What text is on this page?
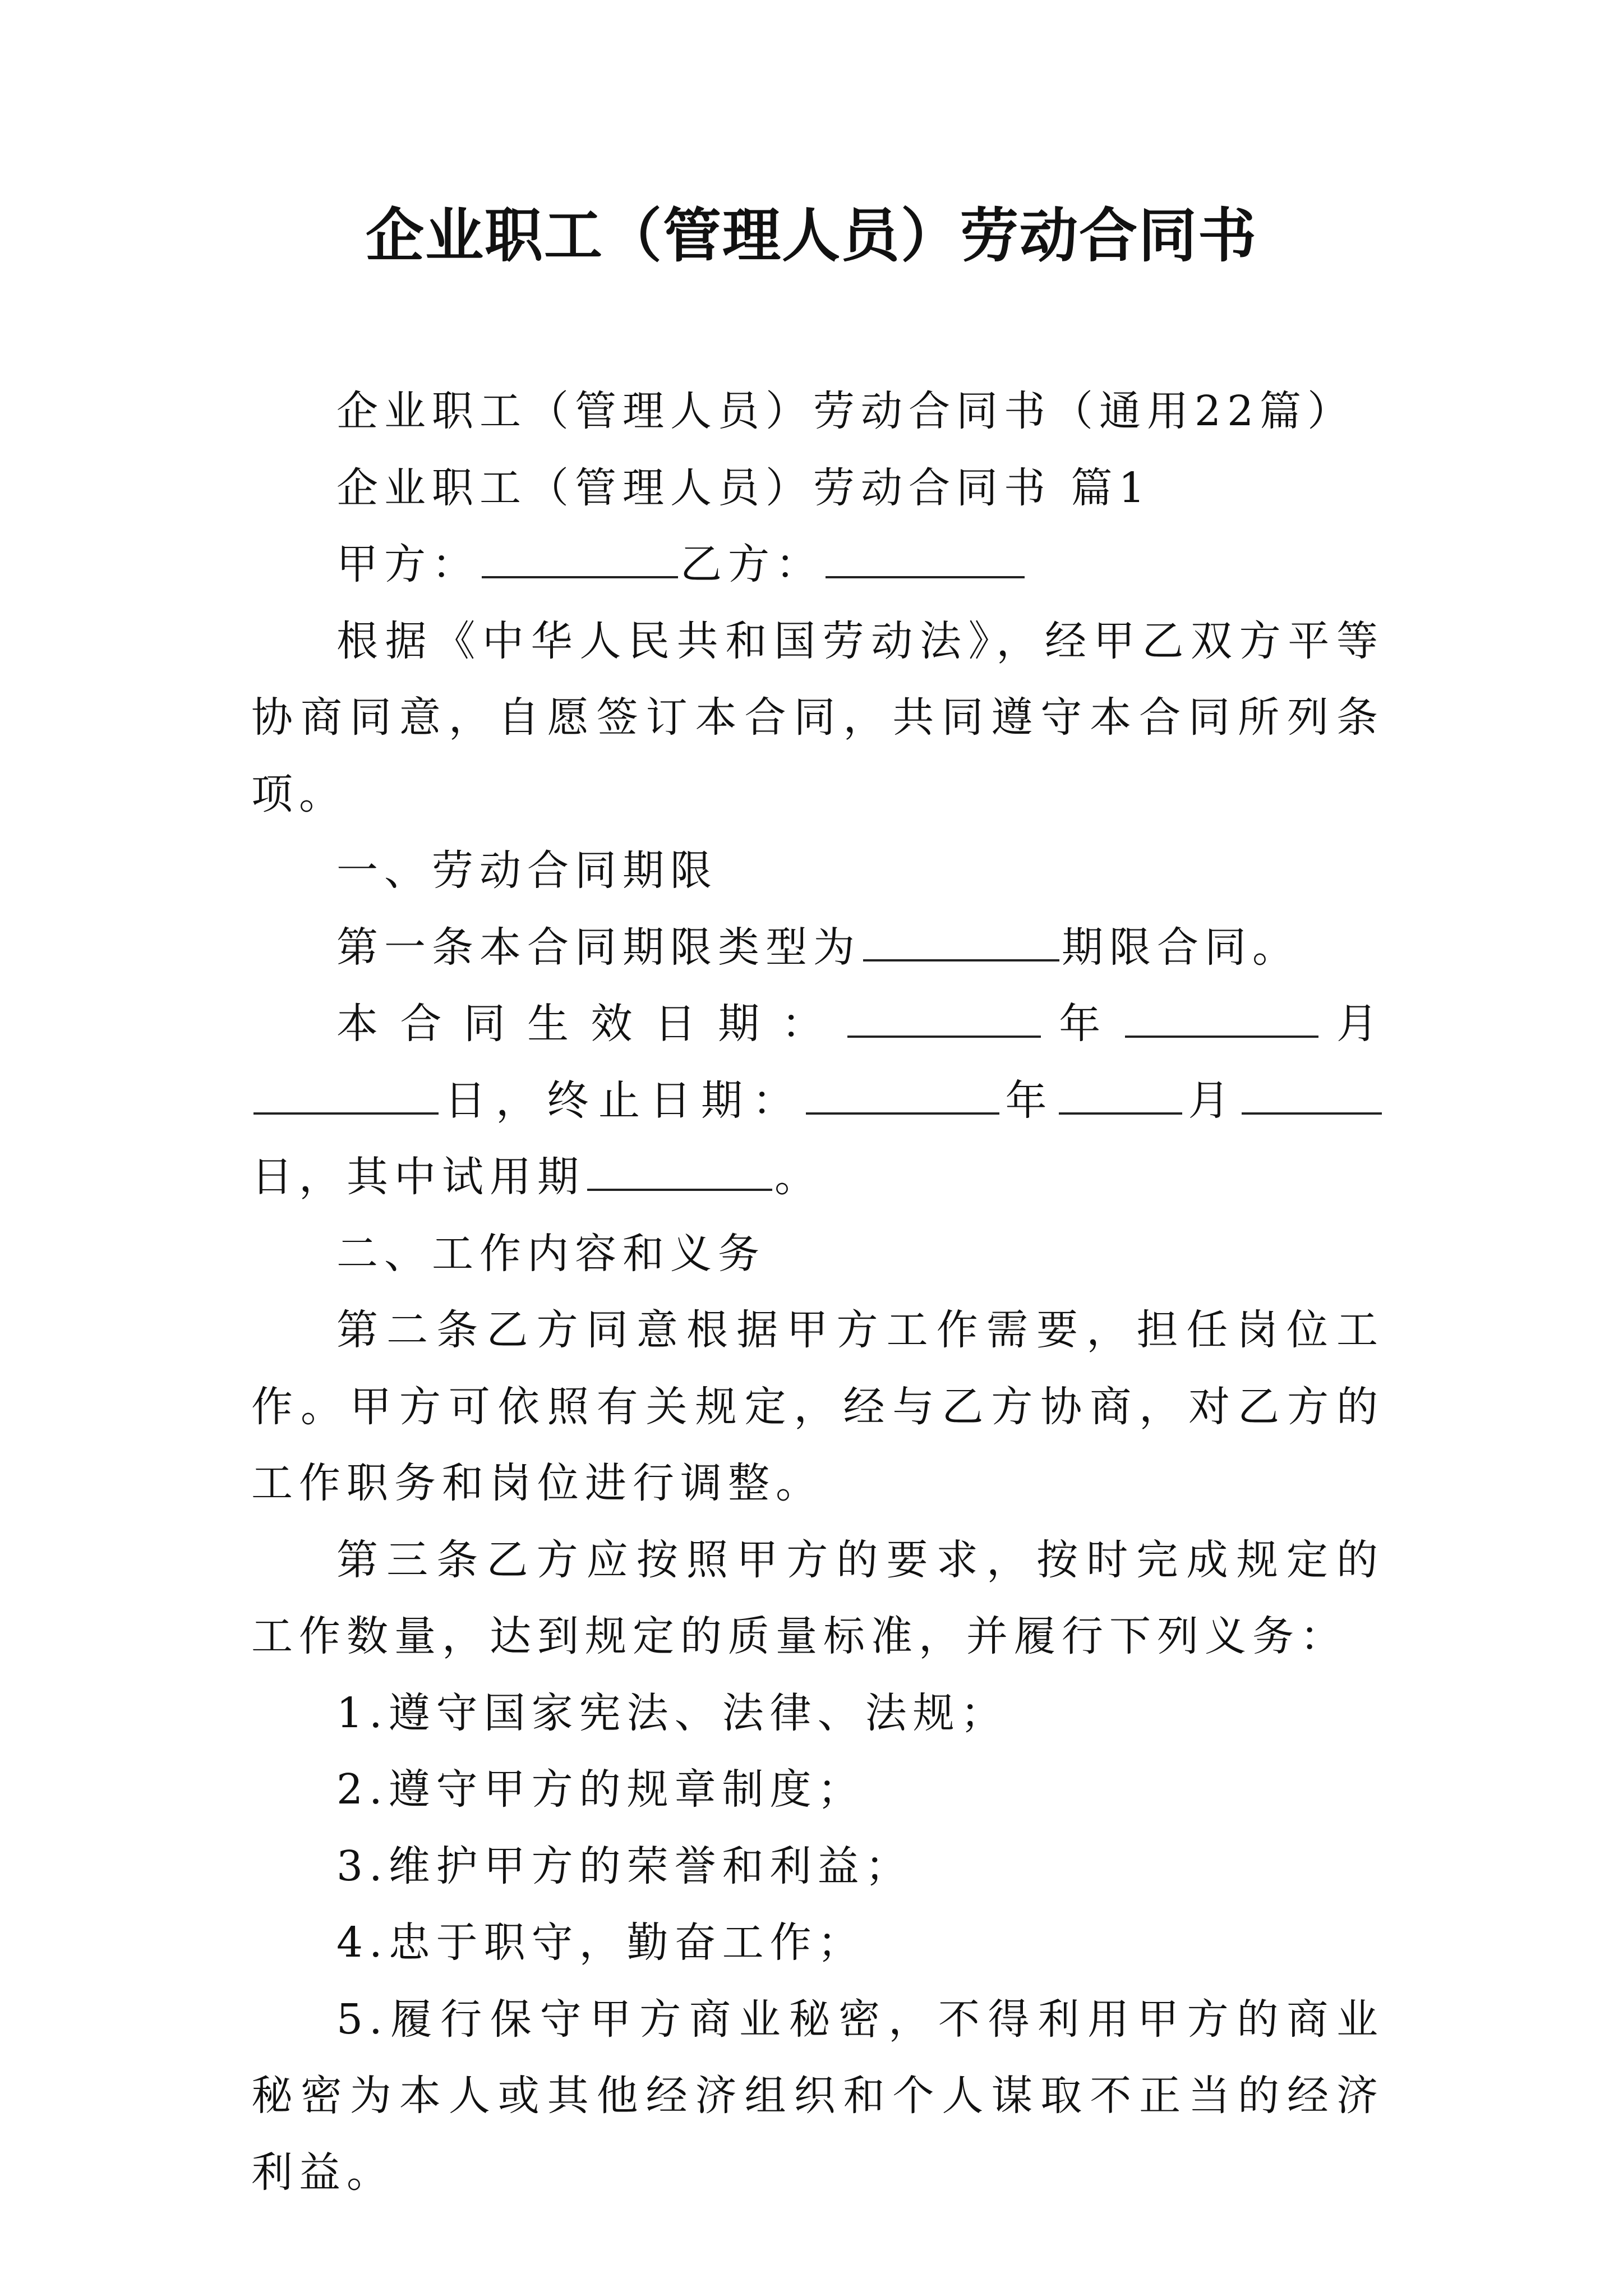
企业职工（管理人员）劳动合同书

企业职工（管理人员）劳动合同书（通用22篇）

企业职工（管理人员）劳动合同书 篇1

甲方：	乙方：

根据《中华人民共和国劳动法》，经甲乙双方平等协商同意，自愿签订本合同，共同遵守本合同所列条项。

一、劳动合同期限

第一条本合同期限类型为	期限合同。

本合同生效日期：	年	月日，终止日期：	年	月日，其中试用期	。

二、工作内容和义务

第二条乙方同意根据甲方工作需要，担任岗位工作。甲方可依照有关规定，经与乙方协商，对乙方的工作职务和岗位进行调整。

第三条乙方应按照甲方的要求，按时完成规定的工作数量，达到规定的质量标准，并履行下列义务：

1.遵守国家宪法、法律、法规；

2.遵守甲方的规章制度；

3.维护甲方的荣誉和利益；

4.忠于职守，勤奋工作；

5.履行保守甲方商业秘密，不得利用甲方的商业秘密为本人或其他经济组织和个人谋取不正当的经济利益。
